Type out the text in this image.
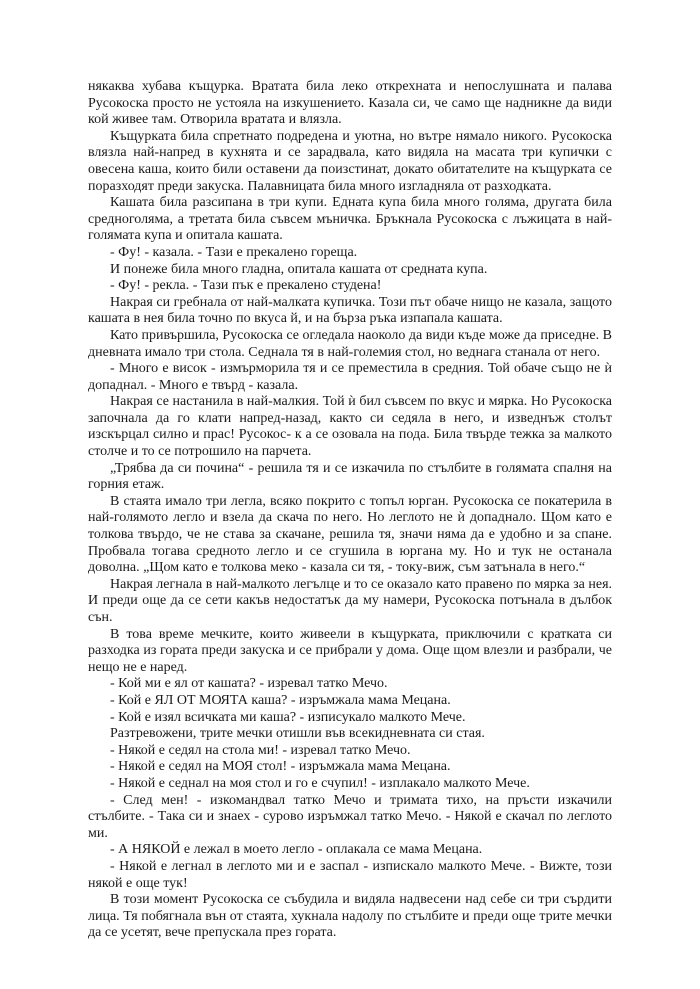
някаква хубава къщурка. Вратата била леко открехната и непослушната и палава Русокоска просто не устояла на изкушението. Казала си, че само ще надникне да види кой живее там. Отворила вратата и влязла.

Къщурката била спретнато подредена и уютна, но вътре нямало никого. Русокоска влязла най-напред в кухнята и се зарадвала, като видяла на масата три купички с овесена каша, които били оставени да поизстинат, докато обитателите на къщурката се поразходят преди закуска. Палавницата била много изгладняла от разходката.

Кашата била разсипана в три купи. Едната купа била много голяма, другата била средноголяма, а третата била съвсем мъничка. Бръкнала Русокоска с лъжицата в най-голямата купа и опитала кашата.

- Фу! - казала. - Тази е прекалено гореща.

И понеже била много гладна, опитала кашата от средната купа.

- Фу! - рекла. - Тази пък е прекалено студена!

Накрая си гребнала от най-малката купичка. Този път обаче нищо не казала, защото кашата в нея била точно по вкуса й, и на бърза ръка изпапала кашата.

Като привършила, Русокоска се огледала наоколо да види къде може да приседне. В дневната имало три стола. Седнала тя в най-големия стол, но веднага станала от него.

- Много е висок - измърморила тя и се преместила в средния. Той обаче също не ѝ допаднал. - Много е твърд - казала.

Накрая се настанила в най-малкия. Той ѝ бил съвсем по вкус и мярка. Но Русокоска започнала да го клати напред-назад, както си седяла в него, и изведнъж столът изскърцал силно и прас! Русокос- к а се озовала на пода. Била твърде тежка за малкото столче и то се потрошило на парчета.

„Трябва да си почина“ - решила тя и се изкачила по стълбите в голямата спалня на горния етаж.

В стаята имало три легла, всяко покрито с топъл юрган. Русокоска се покатерила в най-голямото легло и взела да скача по него. Но леглото не ѝ допаднало. Щом като е толкова твърдо, че не става за скачане, решила тя, значи няма да е удобно и за спане. Пробвала тогава средното легло и се сгушила в юргана му. Но и тук не останала доволна. „Щом като е толкова меко - казала си тя, - току-виж, съм затънала в него.“

Накрая легнала в най-малкото легълце и то се оказало като правено по мярка за нея. И преди още да се сети какъв недостатък да му намери, Русокоска потънала в дълбок сън.

В това време мечките, които живеели в къщурката, приключили с кратката си разходка из гората преди закуска и се прибрали у дома. Още щом влезли и разбрали, че нещо не е наред.

- Кой ми е ял от кашата? - изревал татко Мечо.

- Кой е ЯЛ ОТ МОЯТА каша? - изръмжала мама Мецана.

- Кой е изял всичката ми каша? - изписукало малкото Мече.

Разтревожени, трите мечки отишли във всекидневната си стая.

- Някой е седял на стола ми! - изревал татко Мечо.

- Някой е седял на МОЯ стол! - изръмжала мама Мецана.

- Някой е седнал на моя стол и го е счупил! - изплакало малкото Мече.

- След мен! - изкомандвал татко Мечо и тримата тихо, на пръсти изкачили стълбите. - Така си и знаех - сурово изръмжал татко Мечо. - Някой е скачал по леглото ми.

- А НЯКОЙ е лежал в моето легло - оплакала се мама Мецана.

- Някой е легнал в леглото ми и е заспал - изпискало малкото Мече. - Вижте, този някой е още тук!

В този момент Русокоска се събудила и видяла надвесени над себе си три сърдити лица. Тя побягнала вън от стаята, хукнала надолу по стълбите и преди още трите мечки да се усетят, вече препускала през гората.
